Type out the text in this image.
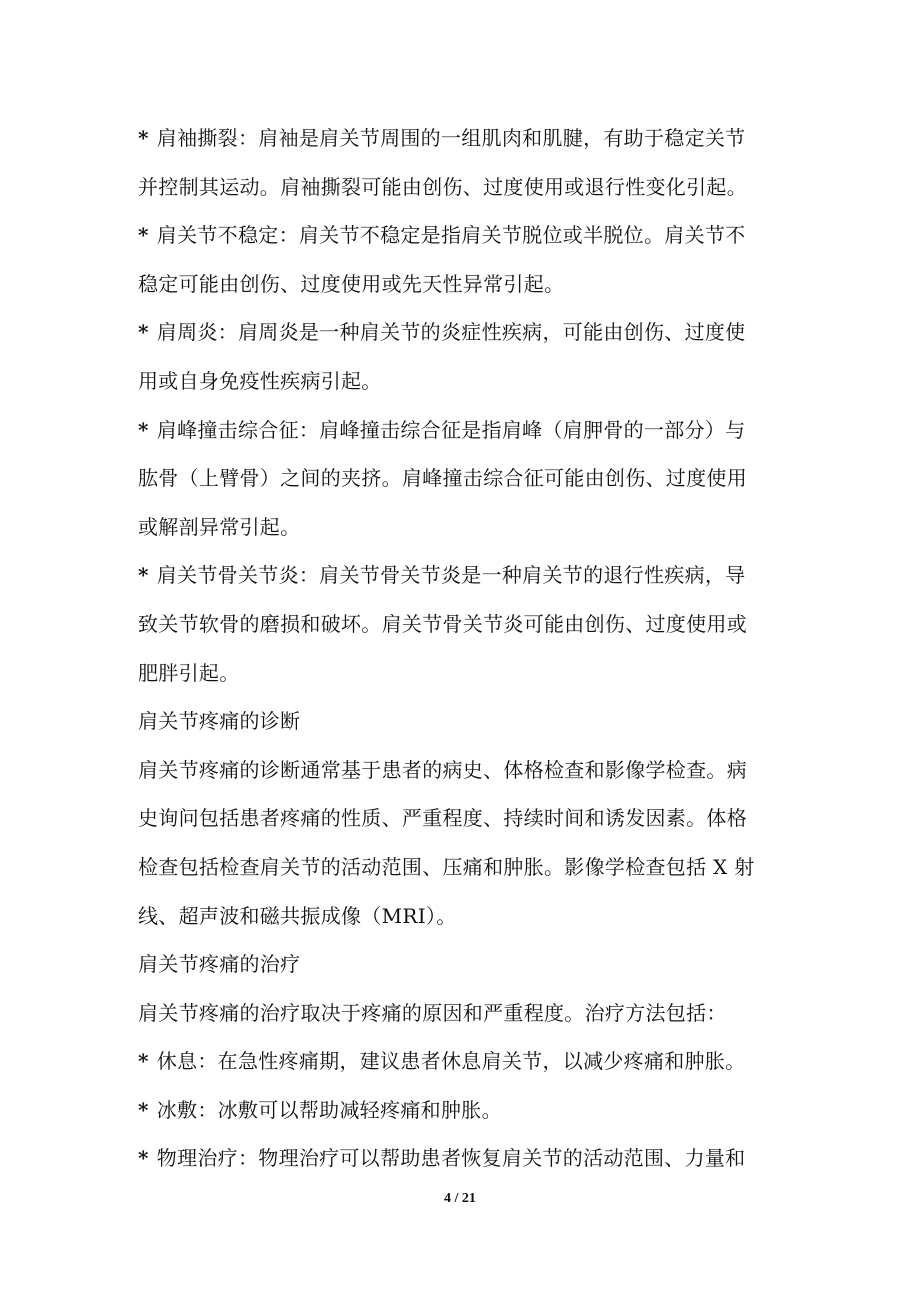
* 肩袖撕裂：肩袖是肩关节周围的一组肌肉和肌腱，有助于稳定关节
并控制其运动。肩袖撕裂可能由创伤、过度使用或退行性变化引起。
* 肩关节不稳定：肩关节不稳定是指肩关节脱位或半脱位。肩关节不
稳定可能由创伤、过度使用或先天性异常引起。
* 肩周炎：肩周炎是一种肩关节的炎症性疾病，可能由创伤、过度使
用或自身免疫性疾病引起。
* 肩峰撞击综合征：肩峰撞击综合征是指肩峰（肩胛骨的一部分）与
肱骨（上臂骨）之间的夹挤。肩峰撞击综合征可能由创伤、过度使用
或解剖异常引起。
* 肩关节骨关节炎：肩关节骨关节炎是一种肩关节的退行性疾病，导
致关节软骨的磨损和破坏。肩关节骨关节炎可能由创伤、过度使用或
肥胖引起。
肩关节疼痛的诊断
肩关节疼痛的诊断通常基于患者的病史、体格检查和影像学检查。病
史询问包括患者疼痛的性质、严重程度、持续时间和诱发因素。体格
检查包括检查肩关节的活动范围、压痛和肿胀。影像学检查包括 X 射
线、超声波和磁共振成像（MRI）。
肩关节疼痛的治疗
肩关节疼痛的治疗取决于疼痛的原因和严重程度。治疗方法包括：
* 休息：在急性疼痛期，建议患者休息肩关节，以减少疼痛和肿胀。
* 冰敷：冰敷可以帮助减轻疼痛和肿胀。
* 物理治疗：物理治疗可以帮助患者恢复肩关节的活动范围、力量和
4 / 21
